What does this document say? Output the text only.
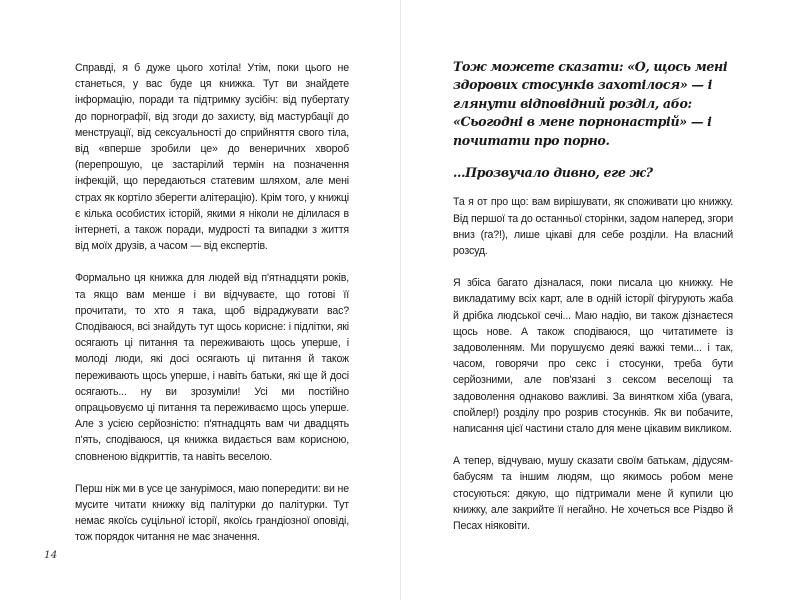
Справді, я б дуже цього хотіла! Утім, поки цього не станеться, у вас буде ця книжка. Тут ви знайдете інформацію, поради та підтримку зусібіч: від пубертату до порнографії, від згоди до захисту, від мастурбації до менструації, від сексуальності до сприйняття свого тіла, від «вперше зробили це» до венеричних хвороб (перепрошую, це застарілий термін на позначення інфекцій, що передаються статевим шляхом, але мені страх як кортіло зберегти алітерацію). Крім того, у книжці є кількa особистих історій, якими я ніколи не ділилася в інтернеті, а також поради, мудрості та випадки з життя від моїх друзів, а часом — від експертів.

Формально ця книжка для людей від п'ятнадцяти років, та якщо вам менше і ви відчуваєте, що готові її прочитати, то хто я така, щоб відраджувати вас? Сподіваюся, всі знайдуть тут щось корисне: і підлітки, які осягають ці питання та переживають щось уперше, і молоді люди, які досі осягають ці питання й також переживають щось уперше, і навіть батьки, які ще й досі осягають... ну ви зрозуміли! Усі ми постійно опрацьовуємо ці питання та переживаємо щось уперше. Але з усією серйозністю: п'ятнадцять вам чи двадцять п'ять, сподіваюся, ця книжка видається вам корисною, сповненою відкриттів, та навіть веселою.

Перш ніж ми в усе це занурімося, маю попередити: ви не мусите читати книжку від палітурки до палітурки. Тут немає якоїсь суцільної історії, якоїсь грандіозної оповіді, тож порядок читання не має значення.

14

Тож можете сказати: «О, щось мені здорових стосунків захотілося» — і глянути відповідний розділ, або: «Сьогодні в мене порнонастрій» — і почитати про порно.

...Прозвучало дивно, еге ж?

Та я от про що: вам вирішувати, як споживати цю книжку. Від першої та до останньої сторінки, задом наперед, згори вниз (га?!), лише цікаві для себе розділи. На власний розсуд.

Я збіса багато дізналася, поки писала цю книжку. Не викладатиму всіх карт, але в одній історії фігурують жаба й дрібка людської сечі... Маю надію, ви також дізнаєтеся щось нове. А також сподіваюся, що читатимете із задоволенням. Ми порушуємо деякі важкі теми... і так, часом, говорячи про секс і стосунки, треба бути серйозними, але пов'язані з сексом веселощі та задоволення однаково важливі. За винятком хіба (увага, спойлер!) розділу про розрив стосунків. Як ви побачите, написання цієї частини стало для мене цікавим викликом.

А тепер, відчуваю, мушу сказати своїм батькам, дідусям-бабусям та іншим людям, що якимось робом мене стосуються: дякую, що підтримали мене й купили цю книжку, але закрийте її негайно. Не хочеться все Різдво й Песах ніяковіти.
